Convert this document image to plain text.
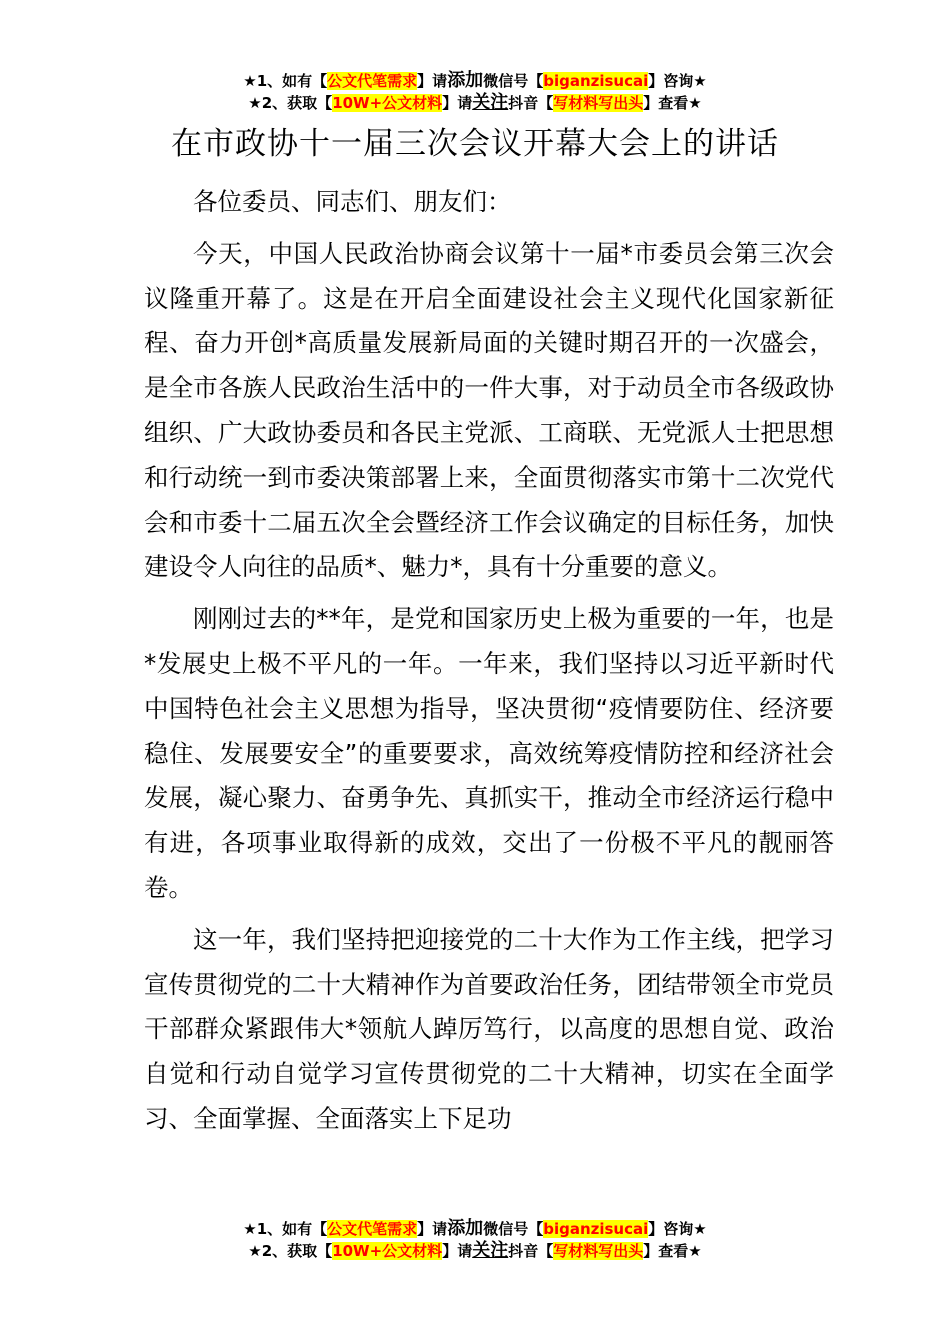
★1、如有【公文代笔需求】请添加微信号【biganzisucai】咨询★
★2、获取【10W+公文材料】请关注抖音【写材料写出头】查看★
在市政协十一届三次会议开幕大会上的讲话

各位委员、同志们、朋友们：

今天，中国人民政治协商会议第十一届*市委员会第三次会议隆重开幕了。这是在开启全面建设社会主义现代化国家新征程、奋力开创*高质量发展新局面的关键时期召开的一次盛会，是全市各族人民政治生活中的一件大事，对于动员全市各级政协组织、广大政协委员和各民主党派、工商联、无党派人士把思想和行动统一到市委决策部署上来，全面贯彻落实市第十二次党代会和市委十二届五次全会暨经济工作会议确定的目标任务，加快建设令人向往的品质*、魅力*，具有十分重要的意义。

刚刚过去的**年，是党和国家历史上极为重要的一年，也是*发展史上极不平凡的一年。一年来，我们坚持以习近平新时代中国特色社会主义思想为指导，坚决贯彻“疫情要防住、经济要稳住、发展要安全”的重要要求，高效统筹疫情防控和经济社会发展，凝心聚力、奋勇争先、真抓实干，推动全市经济运行稳中有进，各项事业取得新的成效，交出了一份极不平凡的靓丽答卷。

这一年，我们坚持把迎接党的二十大作为工作主线，把学习宣传贯彻党的二十大精神作为首要政治任务，团结带领全市党员干部群众紧跟伟大*领航人踔厉笃行，以高度的思想自觉、政治自觉和行动自觉学习宣传贯彻党的二十大精神，切实在全面学习、全面掌握、全面落实上下足功

★1、如有【公文代笔需求】请添加微信号【biganzisucai】咨询★
★2、获取【10W+公文材料】请关注抖音【写材料写出头】查看★
